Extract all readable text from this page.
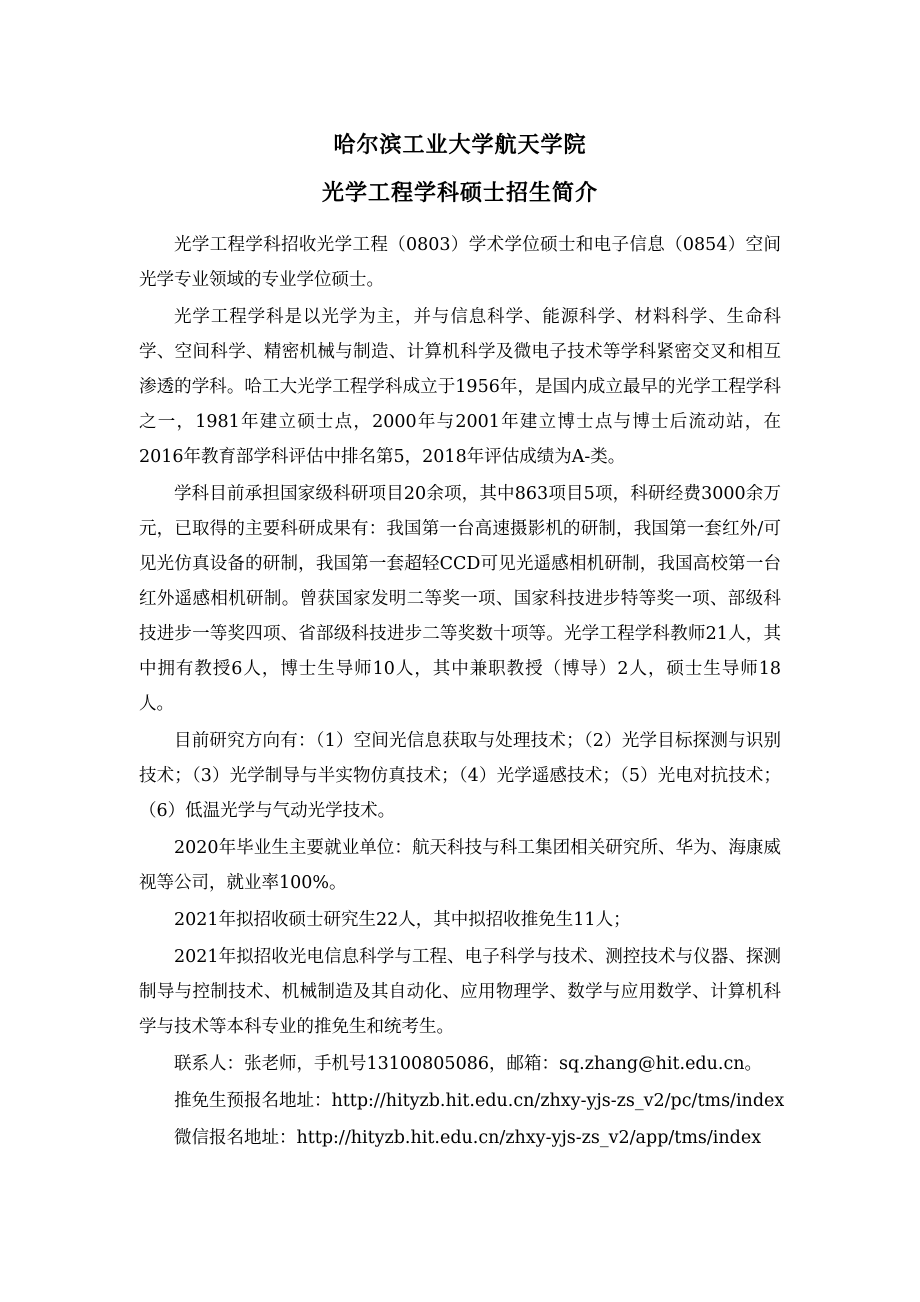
哈尔滨工业大学航天学院
光学工程学科硕士招生简介

光学工程学科招收光学工程（0803）学术学位硕士和电子信息（0854）空间光学专业领域的专业学位硕士。

光学工程学科是以光学为主，并与信息科学、能源科学、材料科学、生命科学、空间科学、精密机械与制造、计算机科学及微电子技术等学科紧密交叉和相互渗透的学科。哈工大光学工程学科成立于1956年，是国内成立最早的光学工程学科之一，1981年建立硕士点，2000年与2001年建立博士点与博士后流动站，在2016年教育部学科评估中排名第5，2018年评估成绩为A-类。

学科目前承担国家级科研项目20余项，其中863项目5项，科研经费3000余万元，已取得的主要科研成果有：我国第一台高速摄影机的研制，我国第一套红外/可见光仿真设备的研制，我国第一套超轻CCD可见光遥感相机研制，我国高校第一台红外遥感相机研制。曾获国家发明二等奖一项、国家科技进步特等奖一项、部级科技进步一等奖四项、省部级科技进步二等奖数十项等。光学工程学科教师21人，其中拥有教授6人，博士生导师10人，其中兼职教授（博导）2人，硕士生导师18人。

目前研究方向有：（1）空间光信息获取与处理技术；（2）光学目标探测与识别技术；（3）光学制导与半实物仿真技术；（4）光学遥感技术；（5）光电对抗技术；（6）低温光学与气动光学技术。

2020年毕业生主要就业单位：航天科技与科工集团相关研究所、华为、海康威视等公司，就业率100%。

2021年拟招收硕士研究生22人，其中拟招收推免生11人；

2021年拟招收光电信息科学与工程、电子科学与技术、测控技术与仪器、探测制导与控制技术、机械制造及其自动化、应用物理学、数学与应用数学、计算机科学与技术等本科专业的推免生和统考生。

联系人：张老师，手机号13100805086，邮箱：sq.zhang@hit.edu.cn。

推免生预报名地址：http://hityzb.hit.edu.cn/zhxy-yjs-zs_v2/pc/tms/index

微信报名地址：http://hityzb.hit.edu.cn/zhxy-yjs-zs_v2/app/tms/index
